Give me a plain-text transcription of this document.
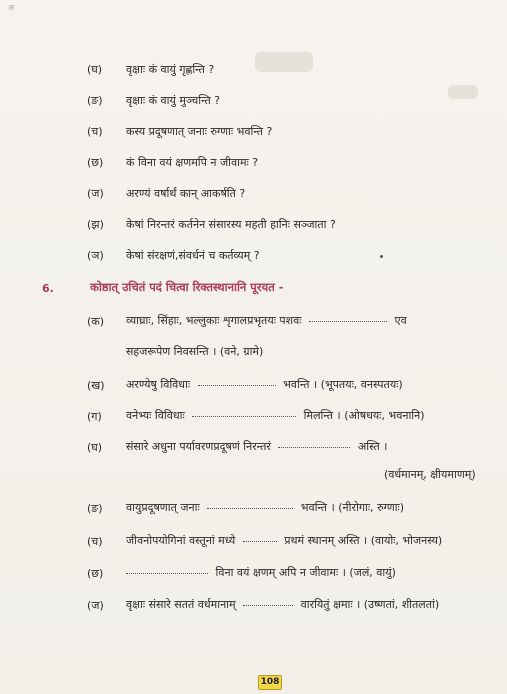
अ
(घ) वृक्षाः कं वायुं गृह्णन्ति ?
(ङ) वृक्षाः कं वायुं मुञ्चन्ति ?
(च) कस्य प्रदूषणात् जनाः रुग्णाः भवन्ति ?
(छ) कं विना वयं क्षणमपि न जीवामः ?
(ज) अरण्यं वर्षार्थं कान् आकर्षति ?
(झ) केषां निरन्तरं कर्तनेन संसारस्य महती हानिः सञ्जाता ?
(ञ) केषां संरक्षणं,संवर्धनं च कर्तव्यम् ?
6.	कोष्ठात् उचितं पदं चित्वा रिक्तस्थानानि पूरयत -
(क) व्याघ्राः, सिंहाः, भल्लुकाः शृगालप्रभृतयः पशवः	एव
सहजरूपेण निवसन्ति । (वने, ग्रामे)
(ख) अरण्येषु विविधाः	भवन्ति । (भूपतयः, वनस्पतयः)
(ग) वनेभ्यः विविधाः	मिलन्ति । (ओषधयः, भवनानि)
(घ) संसारे अधुना पर्यावरणप्रदूषणं निरन्तरं	अस्ति ।
(वर्धमानम्, क्षीयमाणम्)
(ङ) वायुप्रदूषणात् जनाः	भवन्ति । (नीरोगाः, रुग्णाः)
(च) जीवनोपयोगिनां वस्तूनां मध्ये	प्रथमं स्थानम् अस्ति । (वायोः, भोजनस्य)
(छ)	विना वयं क्षणम् अपि न जीवामः । (जलं, वायुं)
(ज) वृक्षाः संसारे सततं वर्धमानाम्	वारयितुं क्षमाः । (उष्णतां, शीतलतां)
108
